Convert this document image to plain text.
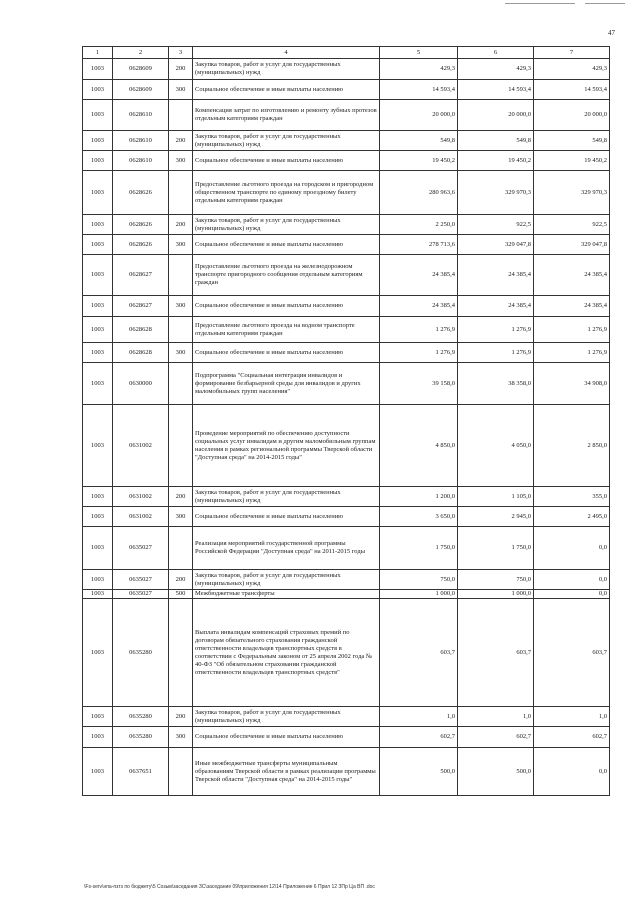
47
1	2	3	4	5	6	7
1003	0628609	200	Закупка товаров, работ и услуг для государственных (муниципальных) нужд	429,3	429,3	429,3
1003	0628609	300	Социальное обеспечение и иные выплаты населению	14 593,4	14 593,4	14 593,4
1003	0628610		Компенсация затрат по изготовлению и ремонту зубных протезов отдельным категориям граждан	20 000,0	20 000,0	20 000,0
1003	0628610	200	Закупка товаров, работ и услуг для государственных (муниципальных) нужд	549,8	549,8	549,8
1003	0628610	300	Социальное обеспечение и иные выплаты населению	19 450,2	19 450,2	19 450,2
1003	0628626		Предоставление льготного проезда на городском и пригородном общественном транспорте по единому проездному билету отдельным категориям граждан	280 963,6	329 970,3	329 970,3
1003	0628626	200	Закупка товаров, работ и услуг для государственных (муниципальных) нужд	2 250,0	922,5	922,5
1003	0628626	300	Социальное обеспечение и иные выплаты населению	278 713,6	329 047,8	329 047,8
1003	0628627		Предоставление льготного проезда на железнодорожном транспорте пригородного сообщения отдельным категориям граждан	24 385,4	24 385,4	24 385,4
1003	0628627	300	Социальное обеспечение и иные выплаты населению	24 385,4	24 385,4	24 385,4
1003	0628628		Предоставление льготного проезда на водном транспорте отдельным категориям граждан	1 276,9	1 276,9	1 276,9
1003	0628628	300	Социальное обеспечение и иные выплаты населению	1 276,9	1 276,9	1 276,9
1003	0630000		Подпрограмма "Социальная интеграция инвалидов и формирование безбарьерной среды для инвалидов и других маломобильных групп населения"	39 158,0	38 358,0	34 908,0
1003	0631002		Проведение мероприятий по обеспечению доступности социальных услуг инвалидам и другим маломобильным группам населения в рамках региональной программы Тверской области "Доступная среда" на 2014-2015 годы"	4 850,0	4 050,0	2 850,0
1003	0631002	200	Закупка товаров, работ и услуг для государственных (муниципальных) нужд	1 200,0	1 105,0	355,0
1003	0631002	300	Социальное обеспечение и иные выплаты населению	3 650,0	2 945,0	2 495,0
1003	0635027		Реализация мероприятий государственной программы Российской Федерации "Доступная среда" на 2011-2015 годы	1 750,0	1 750,0	0,0
1003	0635027	200	Закупка товаров, работ и услуг для государственных (муниципальных) нужд	750,0	750,0	0,0
1003	0635027	500	Межбюджетные трансферты	1 000,0	1 000,0	0,0
1003	0635280		Выплата инвалидам компенсаций страховых премий по договорам обязательного страхования гражданской ответственности владельцев транспортных средств в соответствии с Федеральным законом от 25 апреля 2002 года № 40-ФЗ "Об обязательном страховании гражданской ответственности владельцев транспортных средств"	603,7	603,7	603,7
1003	0635280	200	Закупка товаров, работ и услуг для государственных (муниципальных) нужд	1,0	1,0	1,0
1003	0635280	300	Социальное обеспечение и иные выплаты населению	602,7	602,7	602,7
1003	0637651		Иные межбюджетные трансферты муниципальным образованиям Тверской области в рамках реализации программы Тверской области "Доступная среда" на 2014-2015 годы"	500,0	500,0	0,0
\Fs-serv\нпа-пзтз по бюджету\5 Созыв\заседания ЗС\заседание 09\приложения 12\14 Приложение 6 Прил 12 ЗПр Ца ВП .doc
